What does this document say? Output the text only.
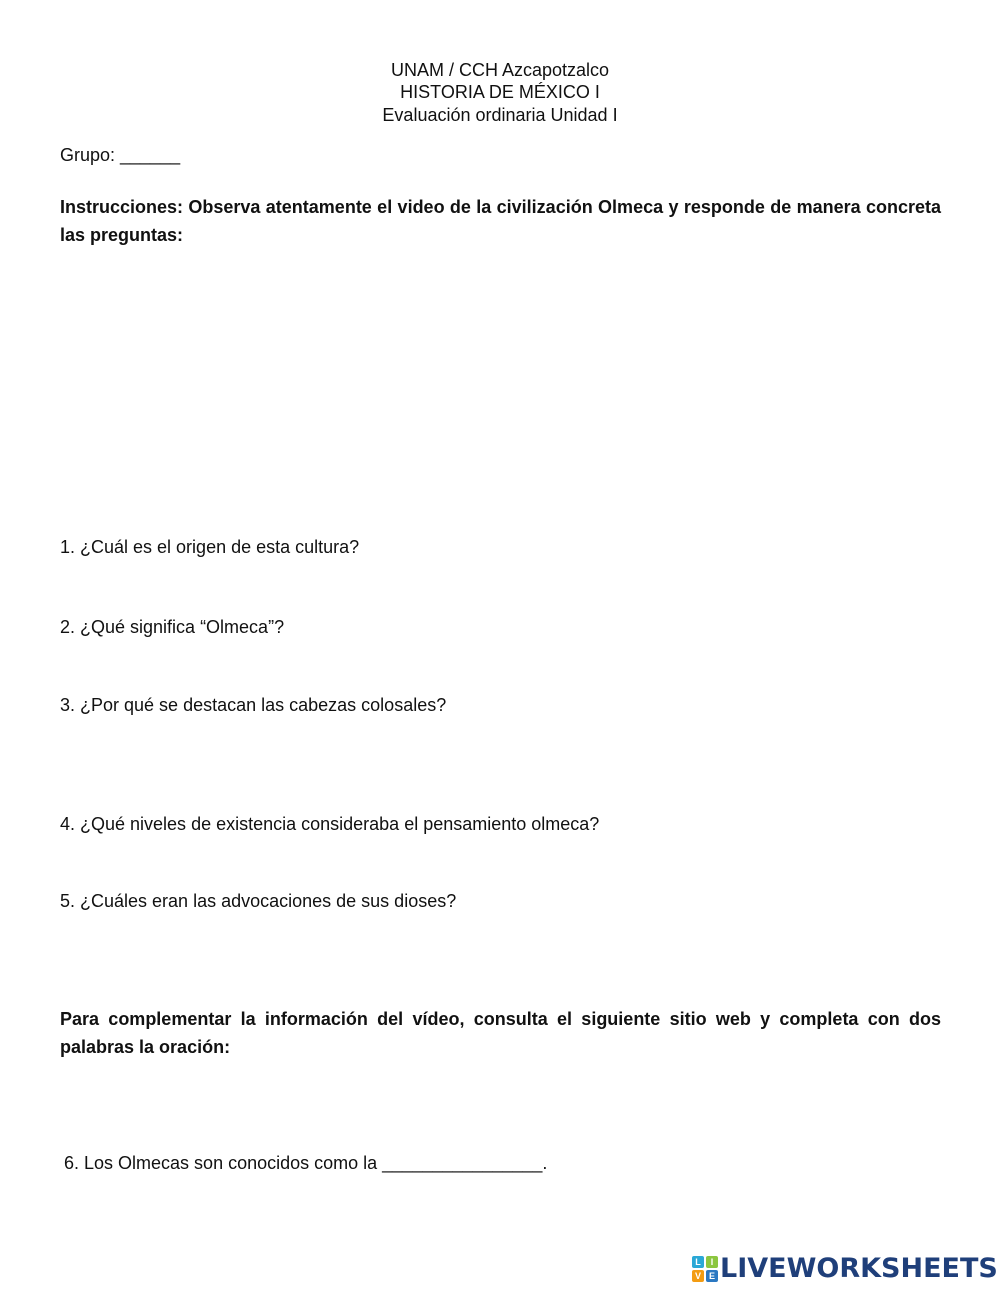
UNAM / CCH Azcapotzalco
HISTORIA DE MÉXICO I
Evaluación ordinaria Unidad I
Grupo: ______
Instrucciones: Observa atentamente el video de la civilización Olmeca y responde de manera concreta las preguntas:
1. ¿Cuál es el origen de esta cultura?
2. ¿Qué significa “Olmeca”?
3. ¿Por qué se destacan las cabezas colosales?
4. ¿Qué niveles de existencia consideraba el pensamiento olmeca?
5. ¿Cuáles eran las advocaciones de sus dioses?
Para complementar la información del vídeo, consulta el siguiente sitio web y completa con dos palabras la oración:
6. Los Olmecas son conocidos como la ________________.
L	I
V E LIVEWORKSHEETS
